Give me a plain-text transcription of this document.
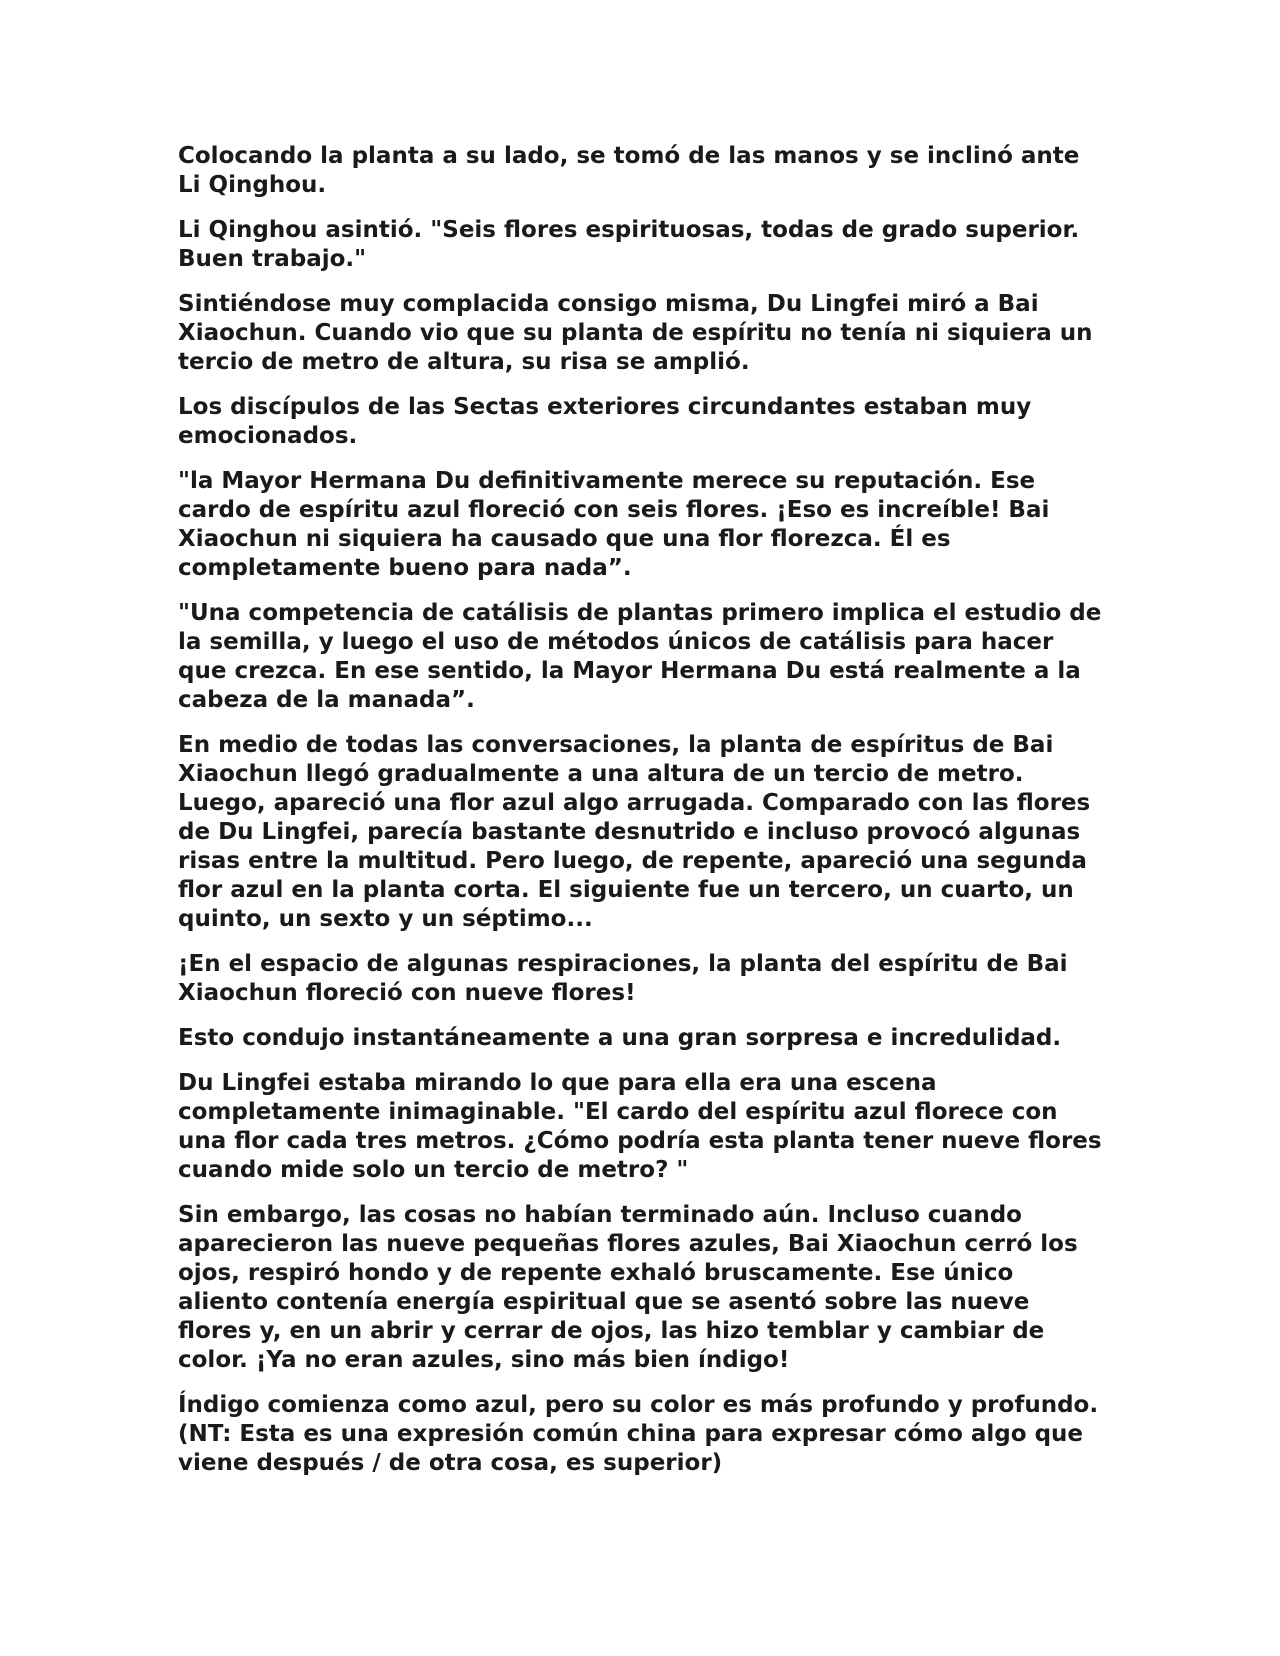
Colocando la planta a su lado, se tomó de las manos y se inclinó ante Li Qinghou.

Li Qinghou asintió. "Seis flores espirituosas, todas de grado superior. Buen trabajo."

Sintiéndose muy complacida consigo misma, Du Lingfei miró a Bai Xiaochun. Cuando vio que su planta de espíritu no tenía ni siquiera un tercio de metro de altura, su risa se amplió.

Los discípulos de las Sectas exteriores circundantes estaban muy emocionados.

"la Mayor Hermana Du definitivamente merece su reputación. Ese cardo de espíritu azul floreció con seis flores. ¡Eso es increíble! Bai Xiaochun ni siquiera ha causado que una flor florezca. Él es completamente bueno para nada”.

"Una competencia de catálisis de plantas primero implica el estudio de la semilla, y luego el uso de métodos únicos de catálisis para hacer que crezca. En ese sentido, la Mayor Hermana Du está realmente a la cabeza de la manada”.

En medio de todas las conversaciones, la planta de espíritus de Bai Xiaochun llegó gradualmente a una altura de un tercio de metro. Luego, apareció una flor azul algo arrugada. Comparado con las flores de Du Lingfei, parecía bastante desnutrido e incluso provocó algunas risas entre la multitud. Pero luego, de repente, apareció una segunda flor azul en la planta corta. El siguiente fue un tercero, un cuarto, un quinto, un sexto y un séptimo...

¡En el espacio de algunas respiraciones, la planta del espíritu de Bai Xiaochun floreció con nueve flores!

Esto condujo instantáneamente a una gran sorpresa e incredulidad.

Du Lingfei estaba mirando lo que para ella era una escena completamente inimaginable. "El cardo del espíritu azul florece con una flor cada tres metros. ¿Cómo podría esta planta tener nueve flores cuando mide solo un tercio de metro? "

Sin embargo, las cosas no habían terminado aún. Incluso cuando aparecieron las nueve pequeñas flores azules, Bai Xiaochun cerró los ojos, respiró hondo y de repente exhaló bruscamente. Ese único aliento contenía energía espiritual que se asentó sobre las nueve flores y, en un abrir y cerrar de ojos, las hizo temblar y cambiar de color. ¡Ya no eran azules, sino más bien índigo!

Índigo comienza como azul, pero su color es más profundo y profundo. (NT: Esta es una expresión común china para expresar cómo algo que viene después / de otra cosa, es superior)
